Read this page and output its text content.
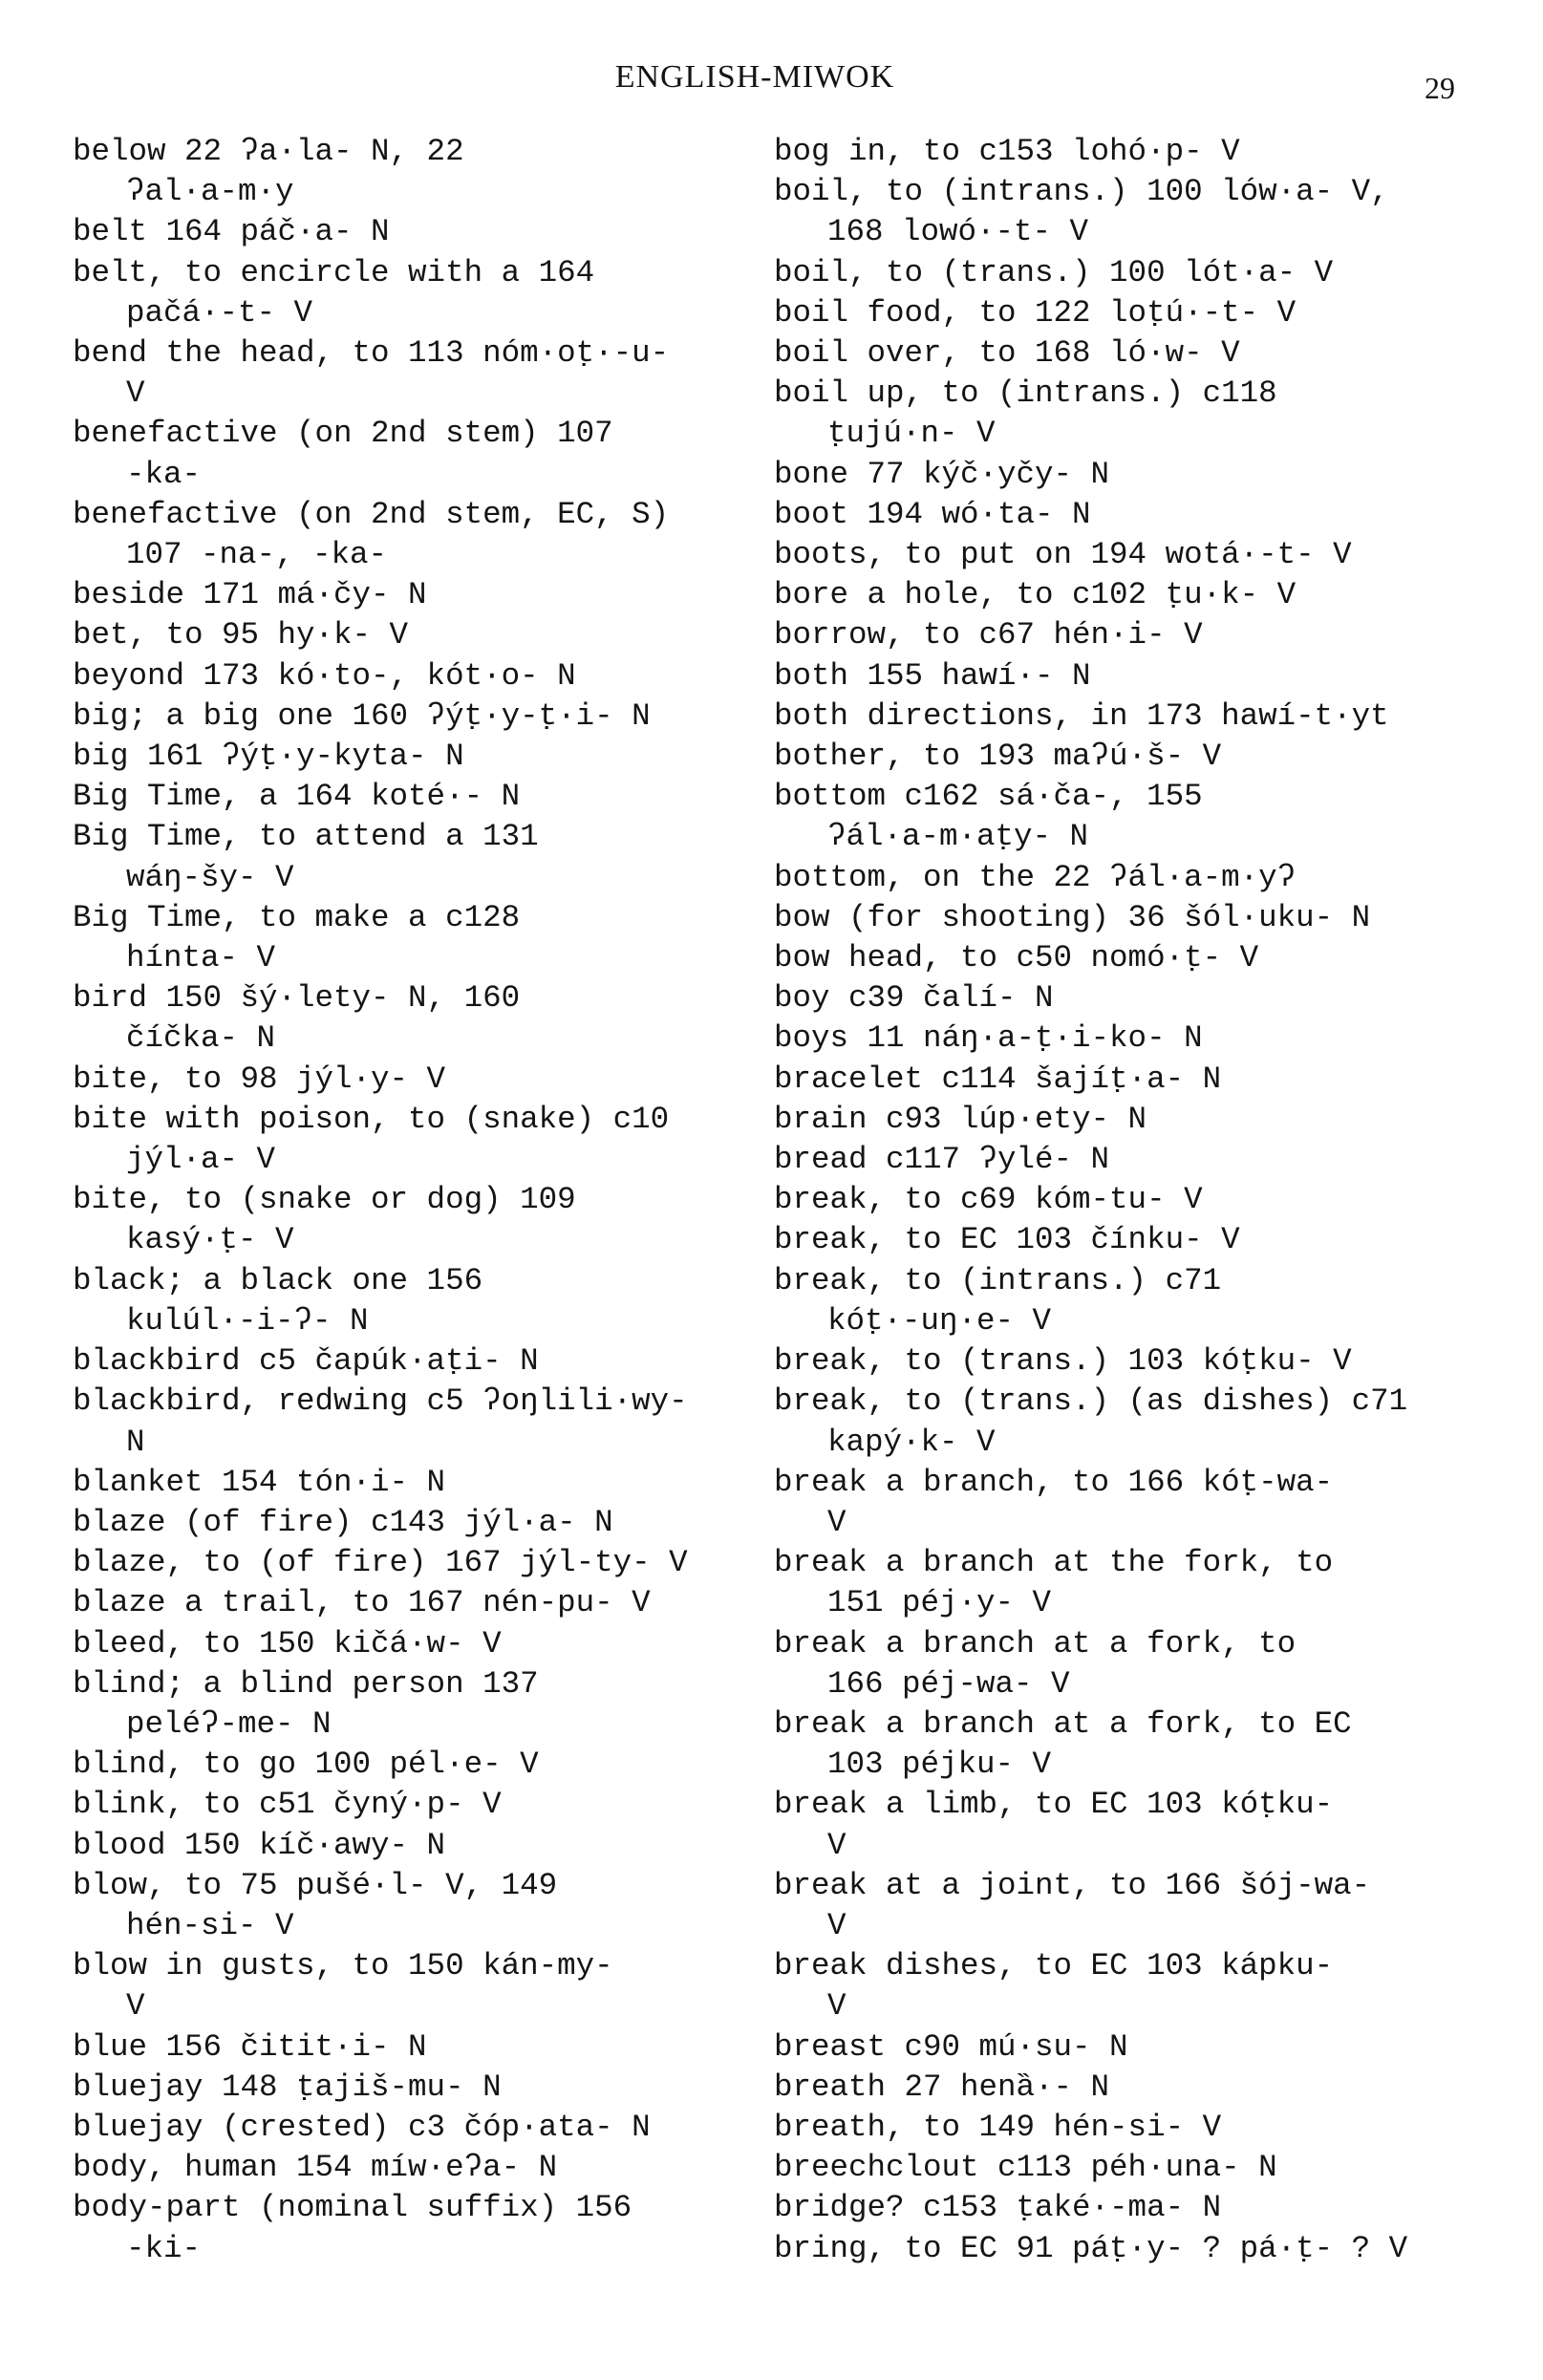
ENGLISH-MIWOK	29
below 22 ʔa·la- N, 22
ʔal·a-m·y
belt 164 páč·a- N
belt, to encircle with a 164
pačá·-t- V
bend the head, to 113 nóm·oṭ·-u-
V
benefactive (on 2nd stem) 107
-ka-
benefactive (on 2nd stem, EC, S)
107 -na-, -ka-
beside 171 má·čy- N
bet, to 95 hy·k- V
beyond 173 kó·to-, kót·o- N
big; a big one 160 ʔýṭ·y-ṭ·i- N
big 161 ʔýṭ·y-kyta- N
Big Time, a 164 koté·- N
Big Time, to attend a 131
wáŋ-šy- V
Big Time, to make a c128
hínta- V
bird 150 šý·lety- N, 160
číčka- N
bite, to 98 jýl·y- V
bite with poison, to (snake) c10
jýl·a- V
bite, to (snake or dog) 109
kasý·ṭ- V
black; a black one 156
kulúl·-i-ʔ- N
blackbird c5 čapúk·aṭi- N
blackbird, redwing c5 ʔoŋlili·wy-
N
blanket 154 tón·i- N
blaze (of fire) c143 jýl·a- N
blaze, to (of fire) 167 jýl-ty- V
blaze a trail, to 167 nén-pu- V
bleed, to 150 kičá·w- V
blind; a blind person 137
peléʔ-me- N
blind, to go 100 pél·e- V
blink, to c51 čyný·p- V
blood 150 kíč·awy- N
blow, to 75 pušé·l- V, 149
hén-si- V
blow in gusts, to 150 kán-my-
V
blue 156 čitit·i- N
bluejay 148 ṭajiš-mu- N
bluejay (crested) c3 čóp·ata- N
body, human 154 míw·eʔa- N
body-part (nominal suffix) 156
-ki-
bog in, to c153 lohó·p- V
boil, to (intrans.) 100 lów·a- V,
168 lowó·-t- V
boil, to (trans.) 100 lót·a- V
boil food, to 122 loṭú·-t- V
boil over, to 168 ló·w- V
boil up, to (intrans.) c118
ṭujú·n- V
bone 77 kýč·yčy- N
boot 194 wó·ta- N
boots, to put on 194 wotá·-t- V
bore a hole, to c102 ṭu·k- V
borrow, to c67 hén·i- V
both 155 hawí·- N
both directions, in 173 hawí-t·yt
bother, to 193 maʔú·š- V
bottom c162 sá·ča-, 155
ʔál·a-m·aṭy- N
bottom, on the 22 ʔál·a-m·yʔ
bow (for shooting) 36 šól·uku- N
bow head, to c50 nomó·ṭ- V
boy c39 čalí- N
boys 11 náŋ·a-ṭ·i-ko- N
bracelet c114 šajíṭ·a- N
brain c93 lúp·ety- N
bread c117 ʔylé- N
break, to c69 kóm-tu- V
break, to EC 103 čínku- V
break, to (intrans.) c71
kóṭ·-uŋ·e- V
break, to (trans.) 103 kóṭku- V
break, to (trans.) (as dishes) c71
kapý·k- V
break a branch, to 166 kóṭ-wa-
V
break a branch at the fork, to
151 péj·y- V
break a branch at a fork, to
166 péj-wa- V
break a branch at a fork, to EC
103 péjku- V
break a limb, to EC 103 kóṭku-
V
break at a joint, to 166 šój-wa-
V
break dishes, to EC 103 kápku-
V
breast c90 mú·su- N
breath 27 henȁ·- N
breath, to 149 hén-si- V
breechclout c113 péh·una- N
bridge? c153 ṭaké·-ma- N
bring, to EC 91 páṭ·y- ? pá·ṭ- ? V
